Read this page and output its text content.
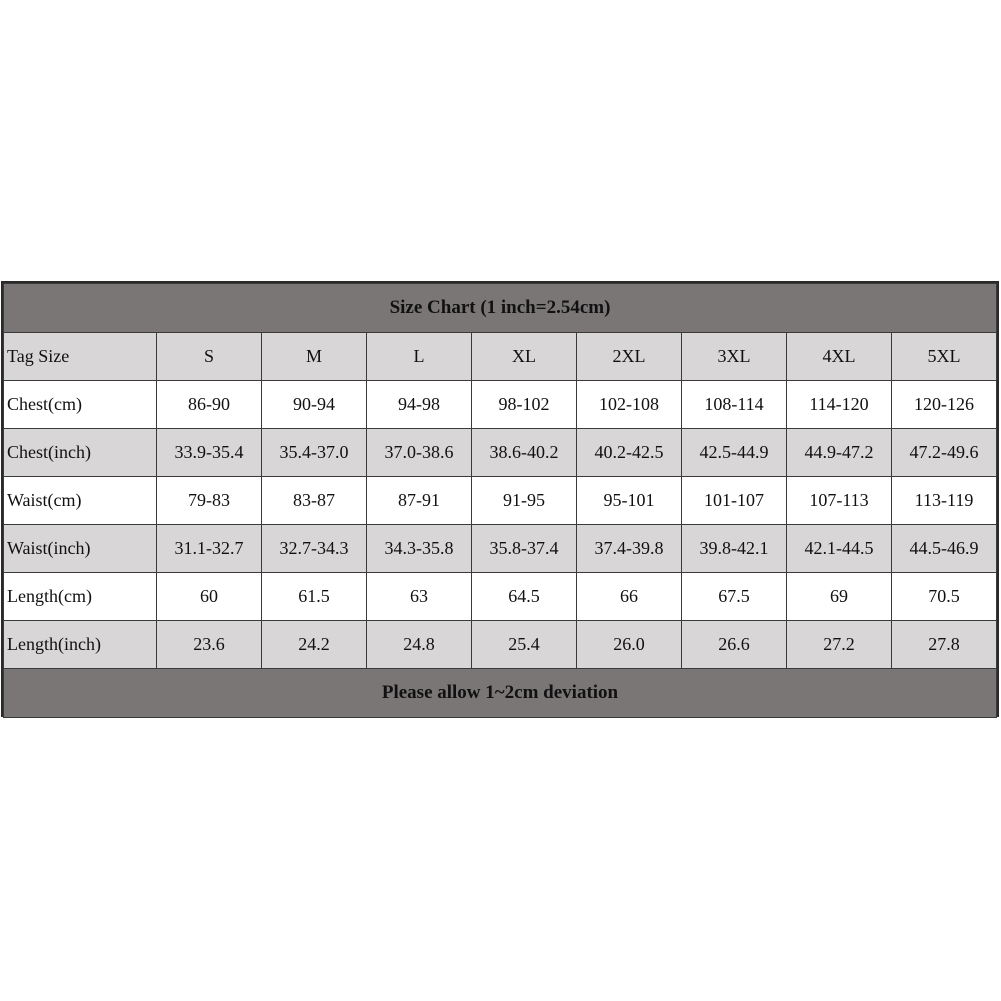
Size Chart (1 inch=2.54cm)								
Tag Size	S	M	L	XL	2XL	3XL	4XL	5XL
Chest(cm)	86-90	90-94	94-98	98-102	102-108	108-114	114-120	120-126
Chest(inch)	33.9-35.4	35.4-37.0	37.0-38.6	38.6-40.2	40.2-42.5	42.5-44.9	44.9-47.2	47.2-49.6
Waist(cm)	79-83	83-87	87-91	91-95	95-101	101-107	107-113	113-119
Waist(inch)	31.1-32.7	32.7-34.3	34.3-35.8	35.8-37.4	37.4-39.8	39.8-42.1	42.1-44.5	44.5-46.9
Length(cm)	60	61.5	63	64.5	66	67.5	69	70.5
Length(inch)	23.6	24.2	24.8	25.4	26.0	26.6	27.2	27.8
Please allow 1~2cm deviation								
